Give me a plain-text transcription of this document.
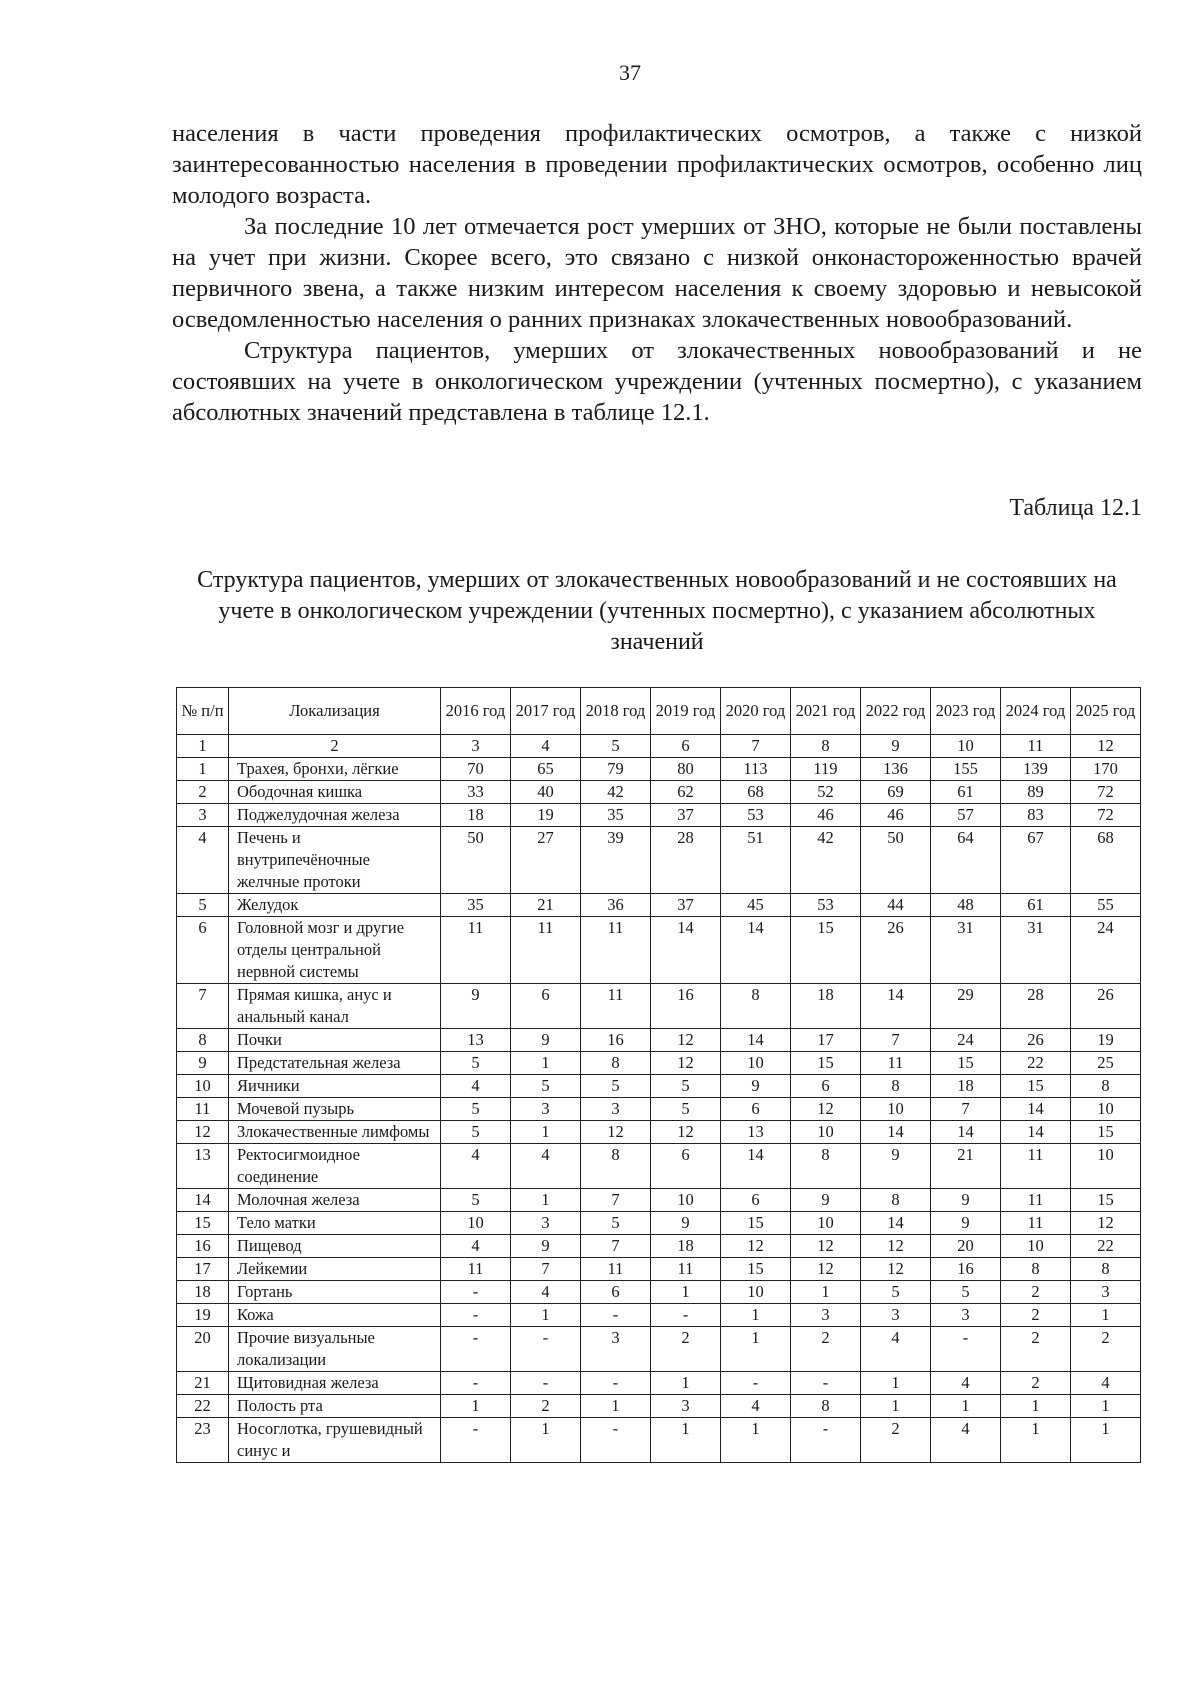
37

населения в части проведения профилактических осмотров, а также с низкой заинтересованностью населения в проведении профилактических осмотров, особенно лиц молодого возраста.

За последние 10 лет отмечается рост умерших от ЗНО, которые не были поставлены на учет при жизни. Скорее всего, это связано с низкой онконастороженностью врачей первичного звена, а также низким интересом населения к своему здоровью и невысокой осведомленностью населения о ранних признаках злокачественных новообразований.

Структура пациентов, умерших от злокачественных новообразований и не состоявших на учете в онкологическом учреждении (учтенных посмертно), с указанием абсолютных значений представлена в таблице 12.1.

Таблица 12.1
Структура пациентов, умерших от злокачественных новообразований и не состоявших на учете в онкологическом учреждении (учтенных посмертно), с указанием абсолютных значений
№ п/п	Локализация	2016 год	2017 год	2018 год	2019 год	2020 год	2021 год	2022 год	2023 год	2024 год	2025 год
1	2	3	4	5	6	7	8	9	10	11	12
1	Трахея, бронхи, лёгкие	70	65	79	80	113	119	136	155	139	170
2	Ободочная кишка	33	40	42	62	68	52	69	61	89	72
3	Поджелудочная железа	18	19	35	37	53	46	46	57	83	72
4	Печень и внутрипечёночные желчные протоки	50	27	39	28	51	42	50	64	67	68
5	Желудок	35	21	36	37	45	53	44	48	61	55
6	Головной мозг и другие отделы центральной нервной системы	11	11	11	14	14	15	26	31	31	24
7	Прямая кишка, анус и анальный канал	9	6	11	16	8	18	14	29	28	26
8	Почки	13	9	16	12	14	17	7	24	26	19
9	Предстательная железа	5	1	8	12	10	15	11	15	22	25
10	Яичники	4	5	5	5	9	6	8	18	15	8
11	Мочевой пузырь	5	3	3	5	6	12	10	7	14	10
12	Злокачественные лимфомы	5	1	12	12	13	10	14	14	14	15
13	Ректосигмоидное соединение	4	4	8	6	14	8	9	21	11	10
14	Молочная железа	5	1	7	10	6	9	8	9	11	15
15	Тело матки	10	3	5	9	15	10	14	9	11	12
16	Пищевод	4	9	7	18	12	12	12	20	10	22
17	Лейкемии	11	7	11	11	15	12	12	16	8	8
18	Гортань	-	4	6	1	10	1	5	5	2	3
19	Кожа	-	1	-	-	1	3	3	3	2	1
20	Прочие визуальные локализации	-	-	3	2	1	2	4	-	2	2
21	Щитовидная железа	-	-	-	1	-	-	1	4	2	4
22	Полость рта	1	2	1	3	4	8	1	1	1	1
23	Носоглотка, грушевидный синус и	-	1	-	1	1	-	2	4	1	1
